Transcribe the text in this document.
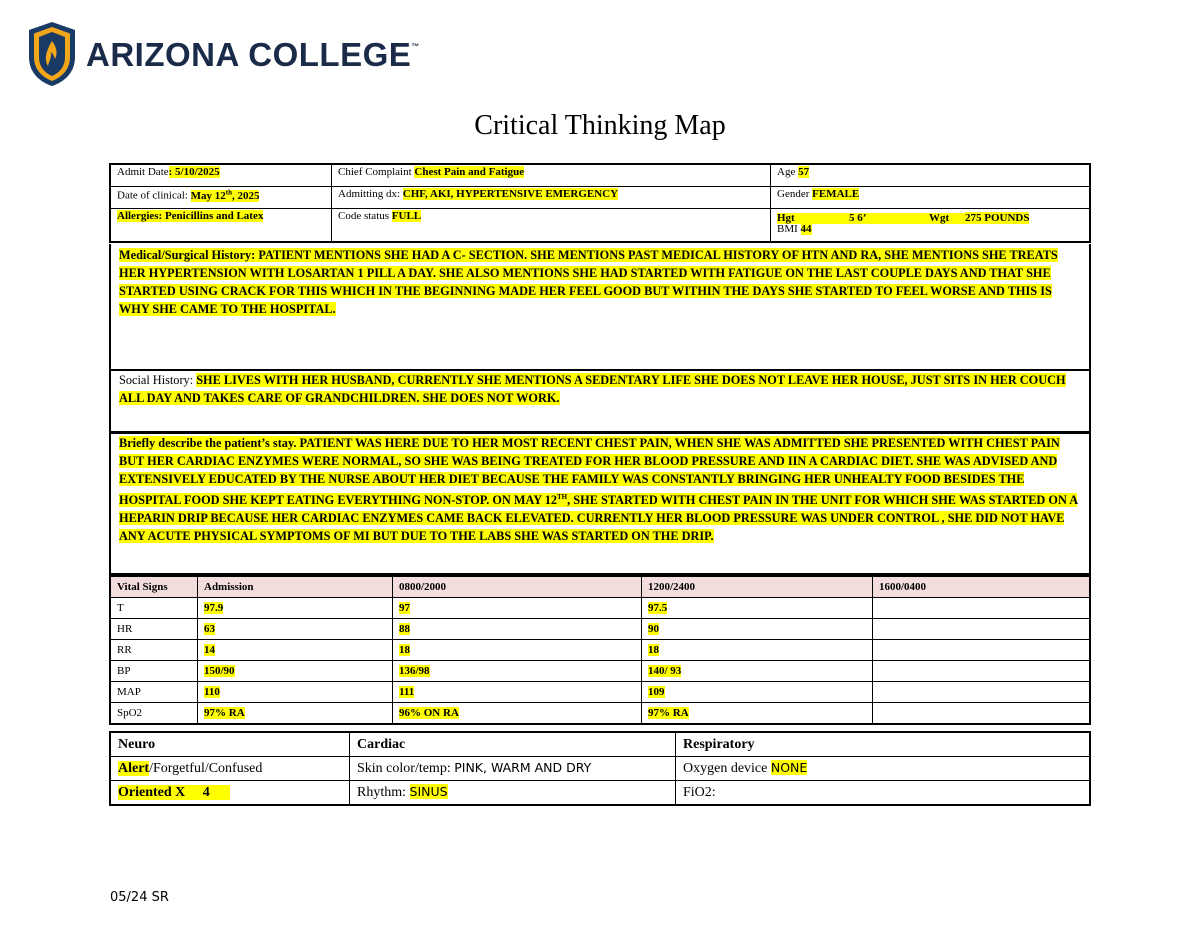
ARIZONA COLLEGE™
Critical Thinking Map
Admit Date: 5/10/2025	Chief Complaint Chest Pain and Fatigue	Age 57
Date of clinical: May 12th, 2025	Admitting dx: CHF, AKI, HYPERTENSIVE EMERGENCY	Gender FEMALE
Allergies: Penicillins and Latex	Code status FULL	Hgt 5 6’ Wgt 275 POUNDS
BMI 44
Medical/Surgical History: PATIENT MENTIONS SHE HAD A C- SECTION. SHE MENTIONS PAST MEDICAL HISTORY OF HTN AND RA, SHE MENTIONS SHE TREATS HER HYPERTENSION WITH LOSARTAN 1 PILL A DAY. SHE ALSO MENTIONS SHE HAD STARTED WITH FATIGUE ON THE LAST COUPLE DAYS AND THAT SHE STARTED USING CRACK FOR THIS WHICH IN THE BEGINNING MADE HER FEEL GOOD BUT WITHIN THE DAYS SHE STARTED TO FEEL WORSE AND THIS IS WHY SHE CAME TO THE HOSPITAL.
Social History: SHE LIVES WITH HER HUSBAND, CURRENTLY SHE MENTIONS A SEDENTARY LIFE SHE DOES NOT LEAVE HER HOUSE, JUST SITS IN HER COUCH ALL DAY AND TAKES CARE OF GRANDCHILDREN. SHE DOES NOT WORK.
Briefly describe the patient’s stay. PATIENT WAS HERE DUE TO HER MOST RECENT CHEST PAIN, WHEN SHE WAS ADMITTED SHE PRESENTED WITH CHEST PAIN BUT HER CARDIAC ENZYMES WERE NORMAL, SO SHE WAS BEING TREATED FOR HER BLOOD PRESSURE AND IIN A CARDIAC DIET. SHE WAS ADVISED AND EXTENSIVELY EDUCATED BY THE NURSE ABOUT HER DIET BECAUSE THE FAMILY WAS CONSTANTLY BRINGING HER UNHEALTY FOOD BESIDES THE HOSPITAL FOOD SHE KEPT EATING EVERYTHING NON-STOP. ON MAY 12TH, SHE STARTED WITH CHEST PAIN IN THE UNIT FOR WHICH SHE WAS STARTED ON A HEPARIN DRIP BECAUSE HER CARDIAC ENZYMES CAME BACK ELEVATED. CURRENTLY HER BLOOD PRESSURE WAS UNDER CONTROL , SHE DID NOT HAVE ANY ACUTE PHYSICAL SYMPTOMS OF MI BUT DUE TO THE LABS SHE WAS STARTED ON THE DRIP.
Vital Signs	Admission	0800/2000	1200/2400	1600/0400
T	97.9	97	97.5	
HR	63	88	90	
RR	14	18	18	
BP	150/90	136/98	140/ 93	
MAP	110	111	109	
SpO2	97% RA	96% ON RA	97% RA	
Neuro	Cardiac	Respiratory
Alert/Forgetful/Confused	Skin color/temp: PINK, WARM AND DRY	Oxygen device NONE
Oriented X     4	Rhythm: SINUS	FiO2:
05/24 SR
